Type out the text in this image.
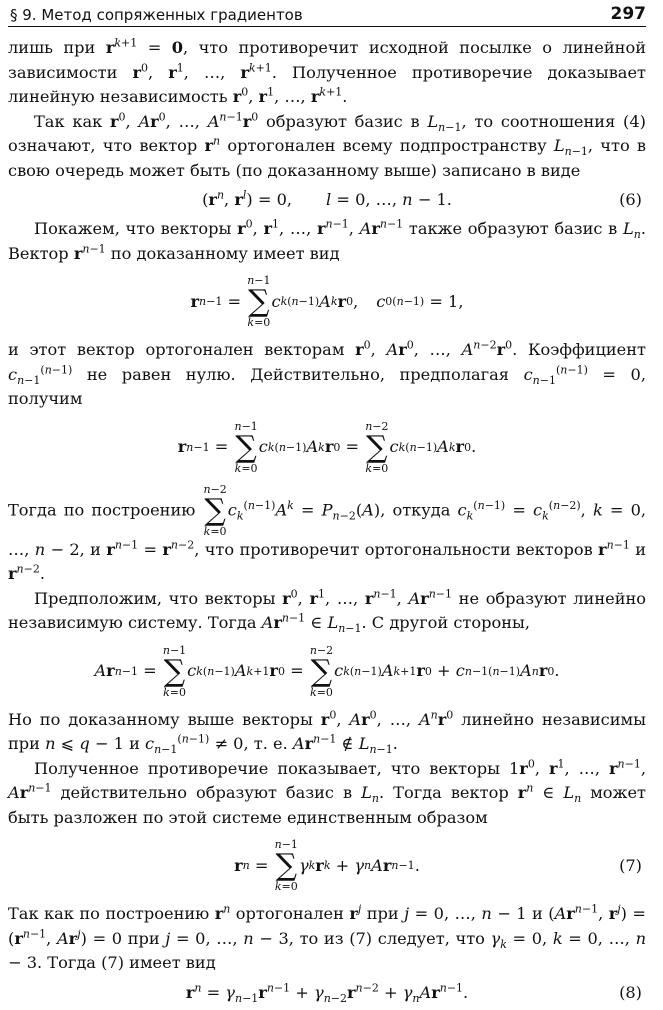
§ 9. Метод сопряженных градиентов	297

лишь при $r^{k+1} = 0$, что противоречит исходной посылке о линейной зависимости $r^0$, $r^1$, …, $r^{k+1}$. Полученное противоречие доказывает линейную независимость $r^0$, $r^1$, …, $r^{k+1}$.

Так как $r^0$, Ar$^0$, …, $A^{n-1}r^0$ образуют базис в $L_{n-1}$, то соотношения (4) означают, что вектор $r^n$ ортогонален всему подпространству $L_{n-1}$, что в свою очередь может быть (по доказанному выше) записано в виде

($r^n$, $r^l) = 0$, l = 0, …, n − 1.	(6)

Покажем, что векторы $r^0$, $r^1$, …, $r^{n-1}$, $Ar^{n-1}$ также образуют базис в $L_n$. Вектор $r^{n-1}$ по доказанному имеет вид

r n−1 =
n−1
∑
k=0
c k (n−1) A k r 0 , c 0 (n−1) = 1,

и этот вектор ортогонален векторам $r^0$, Ar$^0$, …, $A^{n-2}r^0$. Коэффициент $c_{n-1}^{(n-1)}$ не равен нулю. Действительно, предполагая $c_{n-1}^{(n-1)} = 0$, получим

r n−1 =
n−1
∑
k=0
c k (n−1) A k r 0 =
n−2
∑
k=0
c k (n−1) A k r 0 .

Тогда по построению
n−2
∑
k=0
$c_k^{(n-1)}A^k = P_{n-2}(A)$, откуда $c_k^{(n-1)} = c_k^{(n-2)}$, k = 0, …, n − 2, и $r^{n-1} = r^{n-2}$, что противоречит ортогональности векторов $r^{n-1}$ и $r^{n-2}$.

Предположим, что векторы $r^0$, $r^1$, …, $r^{n-1}$, $Ar^{n-1}$ не образуют линейно независимую систему. Тогда $Ar^{n-1}$ ∈ $L_{n-1}$. С другой стороны,

A r n−1 =
n−1
∑
k=0
c k (n−1) A k+1 r 0 =
n−2
∑
k=0
c k (n−1) A k+1 r 0 + c n−1 (n−1) A n r 0 .

Но по доказанному выше векторы $r^0$, Ar$^0$, …, $A^nr^0$ линейно независимы при n ⩽ q − 1 и $c_{n-1}^{(n-1)} \ne 0$, т. е. $Ar^{n-1}$ ∉ $L_{n-1}$.

Полученное противоречие показывает, что векторы $1r^0$, $r^1$, …, $r^{n-1}$, $Ar^{n-1}$ действительно образуют базис в $L_n$. Тогда вектор $r^n$ ∈ $L_n$ может быть разложен по этой системе единственным образом

r n =
n−1
∑
k=0
γ k r k + γ n A r n−1 .	(7)

Так как по построению $r^n$ ортогонален $r^j$ при j = 0, …, n − 1 и ($Ar^{n-1}$, $r^j) = (r^{n-1}$, $Ar^j) = 0$ при j = 0, …, n − 3, то из (7) следует, что $\gamma_k = 0$, k = 0, …, n − 3. Тогда (7) имеет вид

$r^n = \gamma_{n-1}r^{n-1} + \gamma_{n-2}r^{n-2} + \gamma_nAr^{n-1}$.	(8)
